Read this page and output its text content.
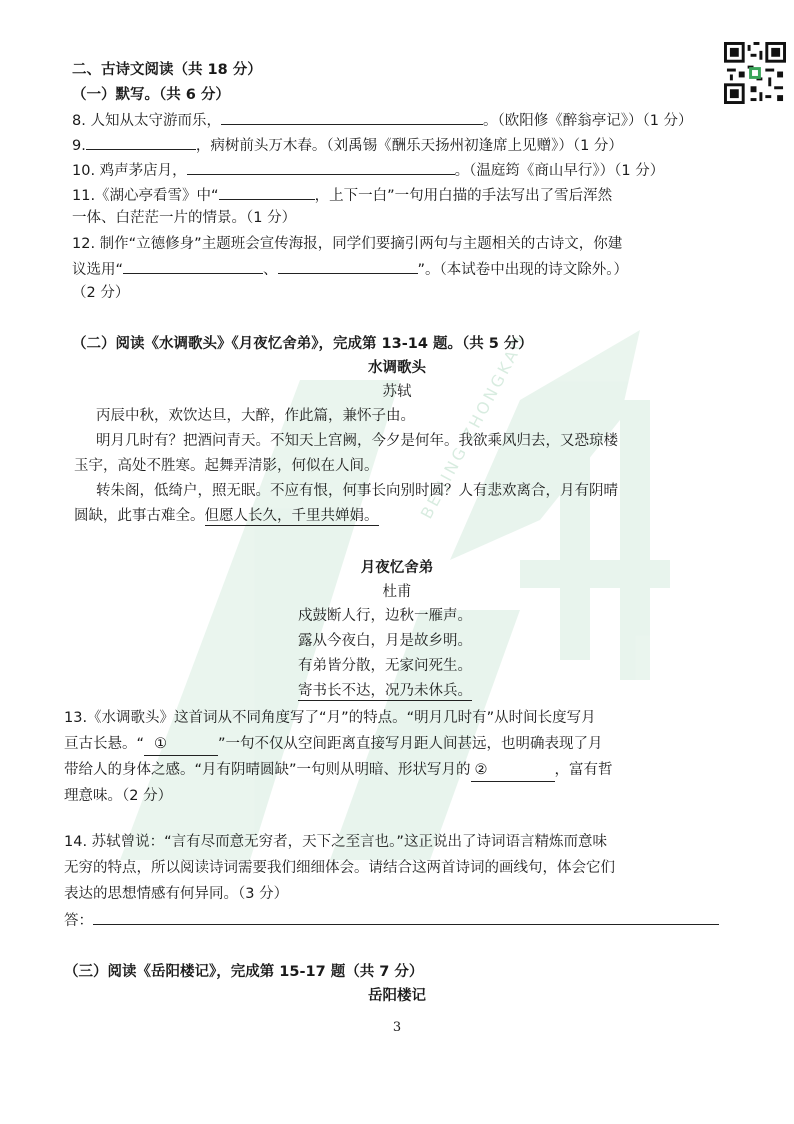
BEIJING ZHONGKAO
二、古诗文阅读（共 18 分）
（一）默写。（共 6 分）
8. 人知从太守游而乐，	。（欧阳修《醉翁亭记》）（1 分）
9.	，病树前头万木春。（刘禹锡《酬乐天扬州初逢席上见赠》）（1 分）
10. 鸡声茅店月，	。（温庭筠《商山早行》）（1 分）
11.《湖心亭看雪》中“	，上下一白”一句用白描的手法写出了雪后浑然
一体、白茫茫一片的情景。（1 分）
12. 制作“立德修身”主题班会宣传海报，同学们要摘引两句与主题相关的古诗文，你建
议选用“	、	”。（本试卷中出现的诗文除外。）
（2 分）
（二）阅读《水调歌头》《月夜忆舍弟》，完成第 13-14 题。（共 5 分）
水调歌头
苏轼
丙辰中秋，欢饮达旦，大醉，作此篇，兼怀子由。
明月几时有？把酒问青天。不知天上宫阙，今夕是何年。我欲乘风归去，又恐琼楼
玉宇，高处不胜寒。起舞弄清影，何似在人间。
转朱阁，低绮户，照无眠。不应有恨，何事长向别时圆？人有悲欢离合，月有阴晴
圆缺，此事古难全。但愿人长久，千里共婵娟。
月夜忆舍弟
杜甫
戍鼓断人行，边秋一雁声。
露从今夜白，月是故乡明。
有弟皆分散，无家问死生。
寄书长不达，况乃未休兵。
13.《水调歌头》这首词从不同角度写了“月”的特点。“明月几时有”从时间长度写月
亘古长悬。“ ①	”一句不仅从空间距离直接写月距人间甚远，也明确表现了月
带给人的身体之感。“月有阴晴圆缺”一句则从明暗、形状写月的 ②	，富有哲
理意味。（2 分）
14. 苏轼曾说：“言有尽而意无穷者，天下之至言也。”这正说出了诗词语言精炼而意味
无穷的特点，所以阅读诗词需要我们细细体会。请结合这两首诗词的画线句，体会它们
表达的思想情感有何异同。（3 分）
答：
（三）阅读《岳阳楼记》，完成第 15-17 题（共 7 分）
岳阳楼记
3
